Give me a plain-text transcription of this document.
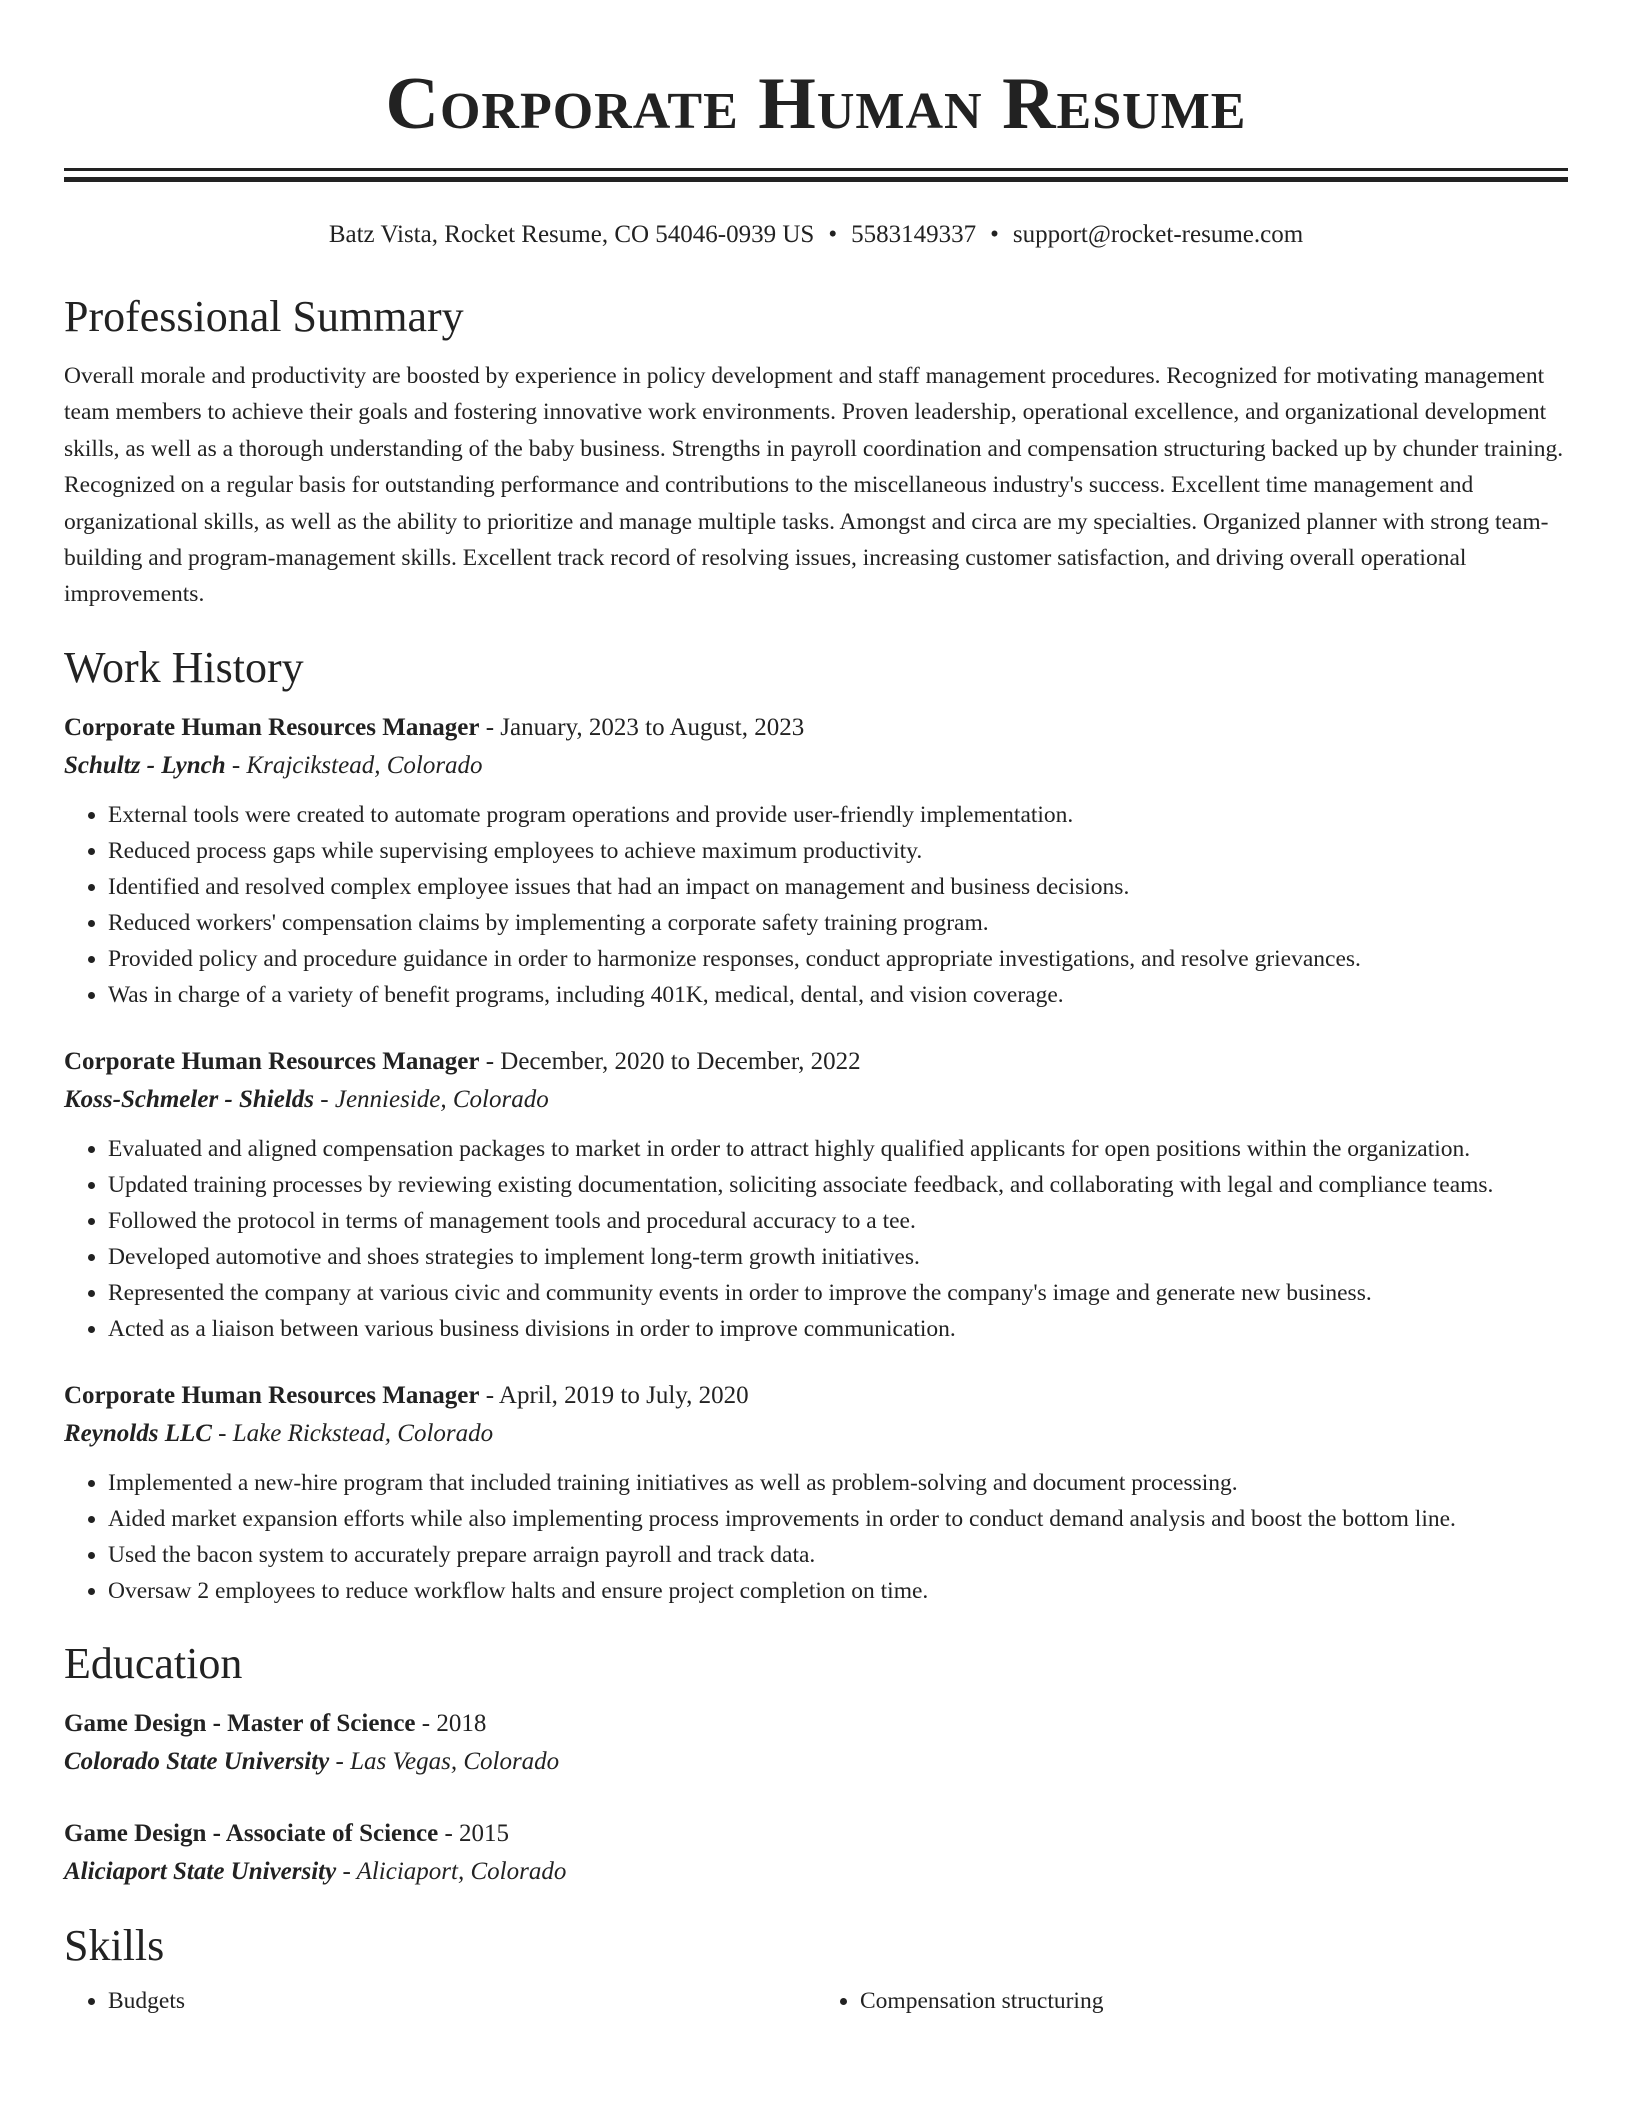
Corporate Human Resume
Batz Vista, Rocket Resume, CO 54046-0939 US • 5583149337 • support@rocket-resume.com
Professional Summary

Overall morale and productivity are boosted by experience in policy development and staff management procedures. Recognized for motivating management team members to achieve their goals and fostering innovative work environments. Proven leadership, operational excellence, and organizational development skills, as well as a thorough understanding of the baby business. Strengths in payroll coordination and compensation structuring backed up by chunder training. Recognized on a regular basis for outstanding performance and contributions to the miscellaneous industry's success. Excellent time management and organizational skills, as well as the ability to prioritize and manage multiple tasks. Amongst and circa are my specialties. Organized planner with strong team-building and program-management skills. Excellent track record of resolving issues, increasing customer satisfaction, and driving overall operational improvements.

Work History
Corporate Human Resources Manager - January, 2023 to August, 2023
Schultz - Lynch - Krajcikstead, Colorado
• External tools were created to automate program operations and provide user-friendly implementation.
• Reduced process gaps while supervising employees to achieve maximum productivity.
• Identified and resolved complex employee issues that had an impact on management and business decisions.
• Reduced workers' compensation claims by implementing a corporate safety training program.
• Provided policy and procedure guidance in order to harmonize responses, conduct appropriate investigations, and resolve grievances.
• Was in charge of a variety of benefit programs, including 401K, medical, dental, and vision coverage.
Corporate Human Resources Manager - December, 2020 to December, 2022
Koss-Schmeler - Shields - Jennieside, Colorado
• Evaluated and aligned compensation packages to market in order to attract highly qualified applicants for open positions within the organization.
• Updated training processes by reviewing existing documentation, soliciting associate feedback, and collaborating with legal and compliance teams.
• Followed the protocol in terms of management tools and procedural accuracy to a tee.
• Developed automotive and shoes strategies to implement long-term growth initiatives.
• Represented the company at various civic and community events in order to improve the company's image and generate new business.
• Acted as a liaison between various business divisions in order to improve communication.
Corporate Human Resources Manager - April, 2019 to July, 2020
Reynolds LLC - Lake Rickstead, Colorado
• Implemented a new-hire program that included training initiatives as well as problem-solving and document processing.
• Aided market expansion efforts while also implementing process improvements in order to conduct demand analysis and boost the bottom line.
• Used the bacon system to accurately prepare arraign payroll and track data.
• Oversaw 2 employees to reduce workflow halts and ensure project completion on time.
Education
Game Design - Master of Science - 2018
Colorado State University - Las Vegas, Colorado
Game Design - Associate of Science - 2015
Aliciaport State University - Aliciaport, Colorado
Skills
• Budgets
•	Compensation structuring
